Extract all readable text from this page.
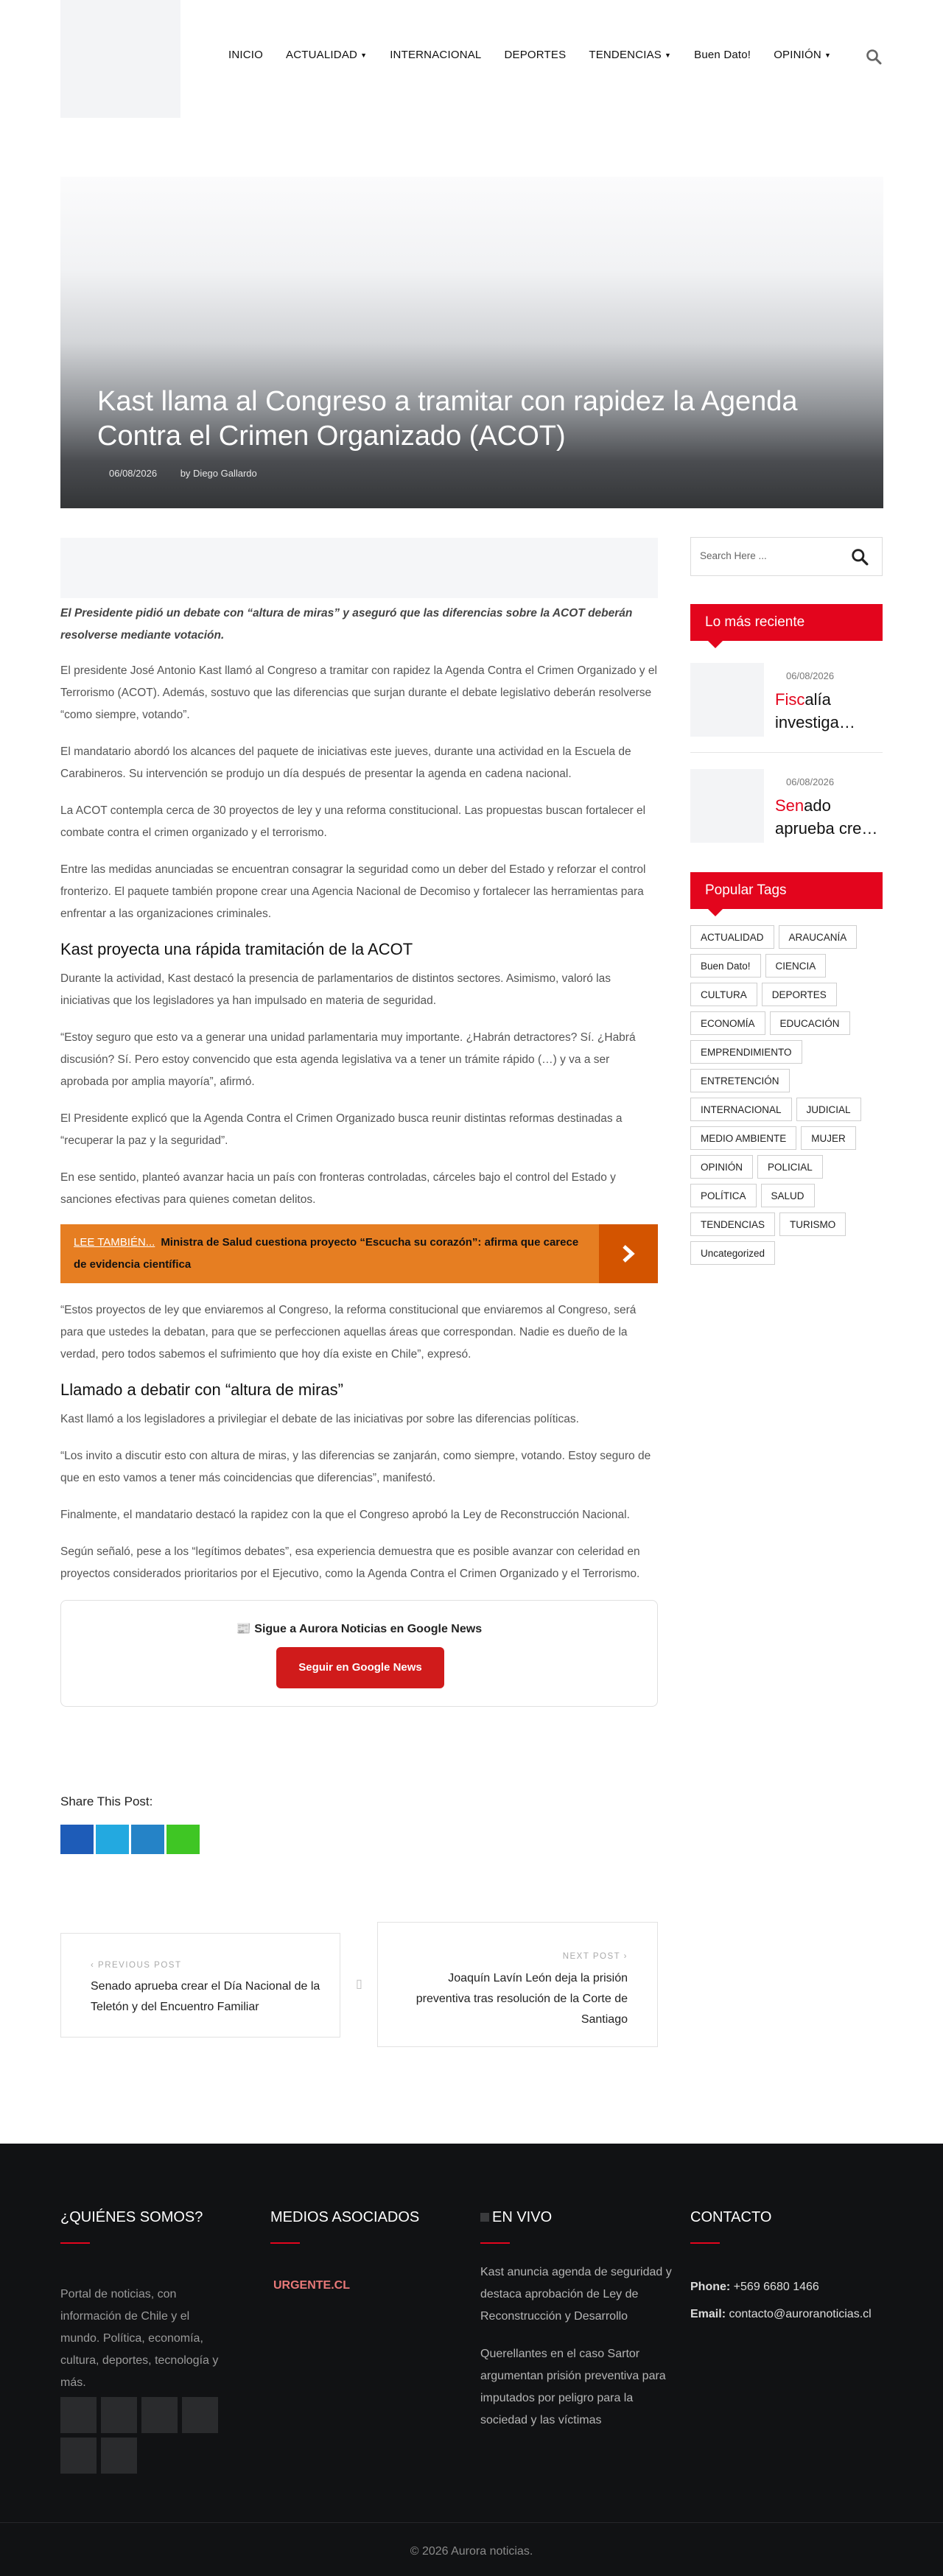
INICIO ACTUALIDAD ▼ INTERNACIONAL DEPORTES TENDENCIAS ▼ Buen Dato! OPINIÓN ▼
Kast llama al Congreso a tramitar con rapidez la Agenda Contra el Crimen Organizado (ACOT)
06/08/2026 by Diego Gallardo

El Presidente pidió un debate con “altura de miras” y aseguró que las diferencias sobre la ACOT deberán resolverse mediante votación.

El presidente José Antonio Kast llamó al Congreso a tramitar con rapidez la Agenda Contra el Crimen Organizado y el Terrorismo (ACOT). Además, sostuvo que las diferencias que surjan durante el debate legislativo deberán resolverse “como siempre, votando”.

El mandatario abordó los alcances del paquete de iniciativas este jueves, durante una actividad en la Escuela de Carabineros. Su intervención se produjo un día después de presentar la agenda en cadena nacional.

La ACOT contempla cerca de 30 proyectos de ley y una reforma constitucional. Las propuestas buscan fortalecer el combate contra el crimen organizado y el terrorismo.

Entre las medidas anunciadas se encuentran consagrar la seguridad como un deber del Estado y reforzar el control fronterizo. El paquete también propone crear una Agencia Nacional de Decomiso y fortalecer las herramientas para enfrentar a las organizaciones criminales.

Kast proyecta una rápida tramitación de la ACOT

Durante la actividad, Kast destacó la presencia de parlamentarios de distintos sectores. Asimismo, valoró las iniciativas que los legisladores ya han impulsado en materia de seguridad.

“Estoy seguro que esto va a generar una unidad parlamentaria muy importante. ¿Habrán detractores? Sí. ¿Habrá discusión? Sí. Pero estoy convencido que esta agenda legislativa va a tener un trámite rápido (…) y va a ser aprobada por amplia mayoría”, afirmó.

El Presidente explicó que la Agenda Contra el Crimen Organizado busca reunir distintas reformas destinadas a “recuperar la paz y la seguridad”.

En ese sentido, planteó avanzar hacia un país con fronteras controladas, cárceles bajo el control del Estado y sanciones efectivas para quienes cometan delitos.

LEE TAMBIÉN... Ministra de Salud cuestiona proyecto “Escucha su corazón”: afirma que carece de evidencia científica

“Estos proyectos de ley que enviaremos al Congreso, la reforma constitucional que enviaremos al Congreso, será para que ustedes la debatan, para que se perfeccionen aquellas áreas que correspondan. Nadie es dueño de la verdad, pero todos sabemos el sufrimiento que hoy día existe en Chile”, expresó.

Llamado a debatir con “altura de miras”

Kast llamó a los legisladores a privilegiar el debate de las iniciativas por sobre las diferencias políticas.

“Los invito a discutir esto con altura de miras, y las diferencias se zanjarán, como siempre, votando. Estoy seguro de que en esto vamos a tener más coincidencias que diferencias”, manifestó.

Finalmente, el mandatario destacó la rapidez con la que el Congreso aprobó la Ley de Reconstrucción Nacional.

Según señaló, pese a los “legítimos debates”, esa experiencia demuestra que es posible avanzar con celeridad en proyectos considerados prioritarios por el Ejecutivo, como la Agenda Contra el Crimen Organizado y el Terrorismo.

📰 Sigue a Aurora Noticias en Google News
Seguir en Google News
Search Here ...
Lo más reciente
06/08/2026
Fiscalía investiga…
06/08/2026
Senado aprueba cre…
Popular Tags
ACTUALIDAD	ARAUCANÍA
Buen Dato!	CIENCIA
CULTURA	DEPORTES
ECONOMÍA	EDUCACIÓN
EMPRENDIMIENTO
ENTRETENCIÓN
INTERNACIONAL	JUDICIAL
MEDIO AMBIENTE	MUJER
OPINIÓN	POLICIAL
POLÍTICA	SALUD
TENDENCIAS	TURISMO
Uncategorized
Share This Post:
‹ PREVIOUS POST
Senado aprueba crear el Día Nacional de la Teletón y del Encuentro Familiar
▯
NEXT POST ›
Joaquín Lavín León deja la prisión preventiva tras resolución de la Corte de Santiago
¿QUIÉNES SOMOS?
Portal de noticias, con información de Chile y el mundo. Política, economía, cultura, deportes, tecnología y más.
MEDIOS ASOCIADOS
URGENTE.CL
EN VIVO
Kast anuncia agenda de seguridad y destaca aprobación de Ley de Reconstrucción y Desarrollo
Querellantes en el caso Sartor argumentan prisión preventiva para imputados por peligro para la sociedad y las víctimas
CONTACTO
Phone: +569 6680 1466
Email: contacto@auroranoticias.cl
© 2026 Aurora noticias.
